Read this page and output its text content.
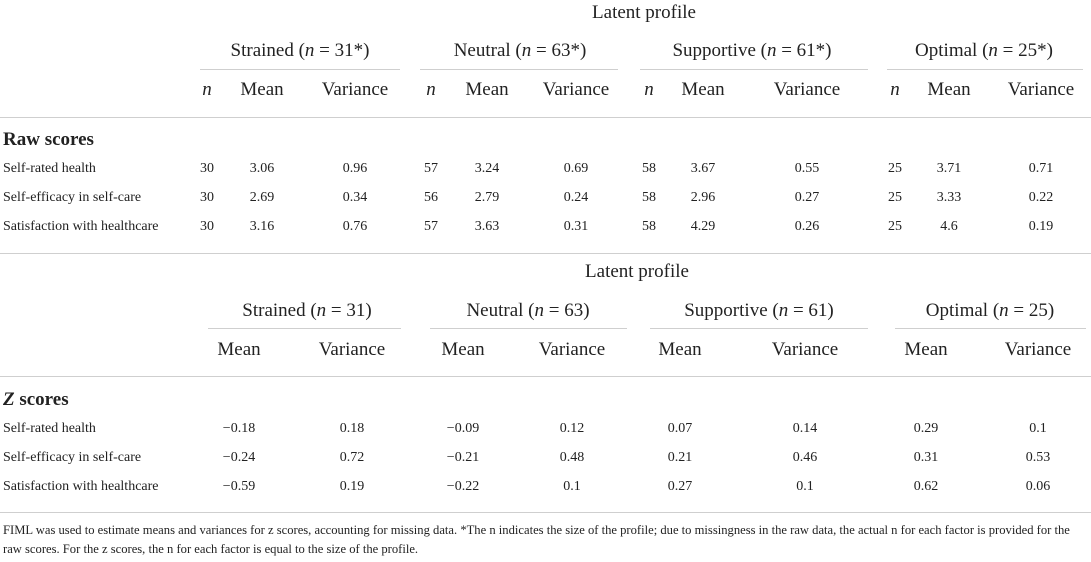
Latent profile
Strained (n = 31*)	Neutral (n = 63*)	Supportive (n = 61*)	Optimal (n = 25*)
n Mean Variance n Mean Variance n Mean	Variance	n Mean Variance
Raw scores
Self-rated health	30	3.06	0.96	57	3.24	0.69	58 3.67	0.55	25 3.71	0.71
Self-efficacy in self-care	30	2.69	0.34	56	2.79	0.24	58 2.96	0.27	25 3.33	0.22
Satisfaction with healthcare	30	3.16	0.76	57	3.63	0.31	58 4.29	0.26	25	4.6	0.19
Latent profile
Strained (n = 31)	Neutral (n = 63)	Supportive (n = 61)	Optimal (n = 25)
Mean	Variance	Mean	Variance	Mean	Variance	Mean	Variance
Z scores
Self-rated health	−0.18	0.18	−0.09	0.12	0.07	0.14	0.29	0.1
Self-efficacy in self-care	−0.24	0.72	−0.21	0.48	0.21	0.46	0.31	0.53
Satisfaction with healthcare	−0.59	0.19	−0.22	0.1	0.27	0.1	0.62	0.06
FIML was used to estimate means and variances for z scores, accounting for missing data. *The n indicates the size of the profile; due to missingness in the raw data, the actual n for each factor is provided for the raw scores. For the z scores, the n for each factor is equal to the size of the profile.
